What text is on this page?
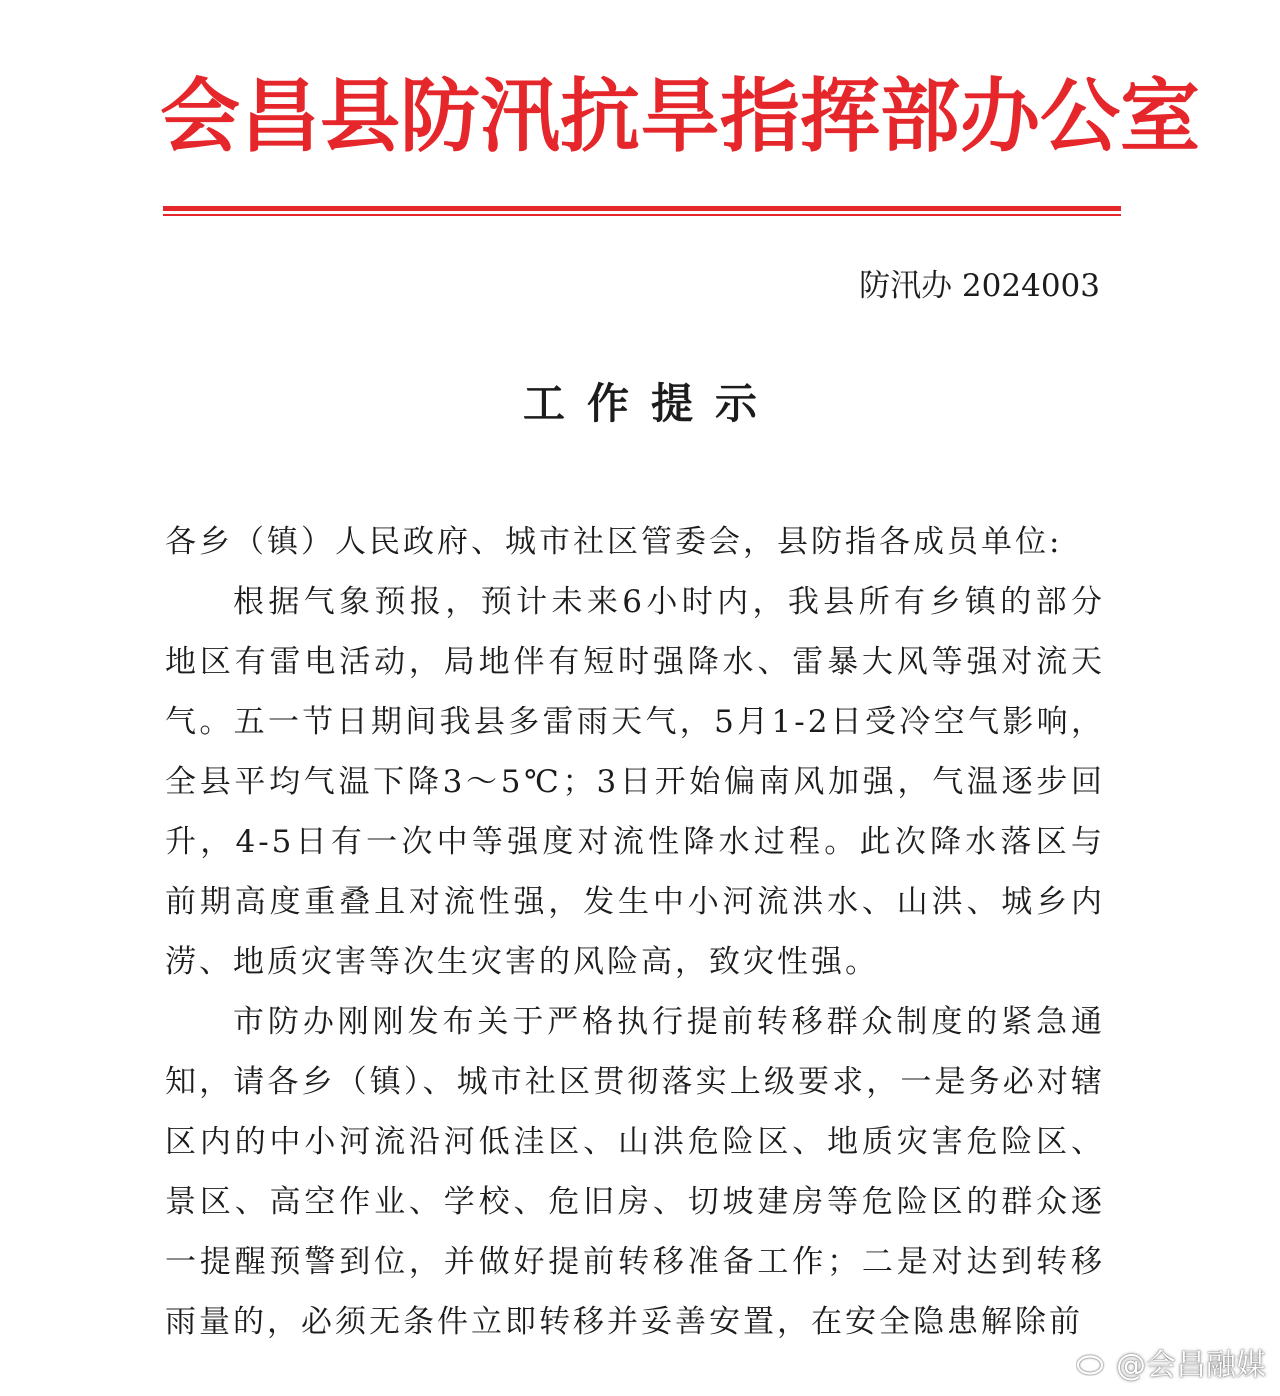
会昌县防汛抗旱指挥部办公室
防汛办 2024003
工作提示

各乡（镇）人民政府、城市社区管委会，县防指各成员单位:

根据气象预报，预计未来6小时内，我县所有乡镇的部分地区有雷电活动，局地伴有短时强降水、雷暴大风等强对流天气。五一节日期间我县多雷雨天气，5月1-2日受冷空气影响，全县平均气温下降3～5℃；3日开始偏南风加强，气温逐步回升，4-5日有一次中等强度对流性降水过程。此次降水落区与前期高度重叠且对流性强，发生中小河流洪水、山洪、城乡内涝、地质灾害等次生灾害的风险高，致灾性强。

市防办刚刚发布关于严格执行提前转移群众制度的紧急通知，请各乡（镇）、城市社区贯彻落实上级要求，一是务必对辖区内的中小河流沿河低洼区、山洪危险区、地质灾害危险区、景区、高空作业、学校、危旧房、切坡建房等危险区的群众逐一提醒预警到位，并做好提前转移准备工作；二是对达到转移雨量的，必须无条件立即转移并妥善安置，在安全隐患解除前

@会昌融媒
